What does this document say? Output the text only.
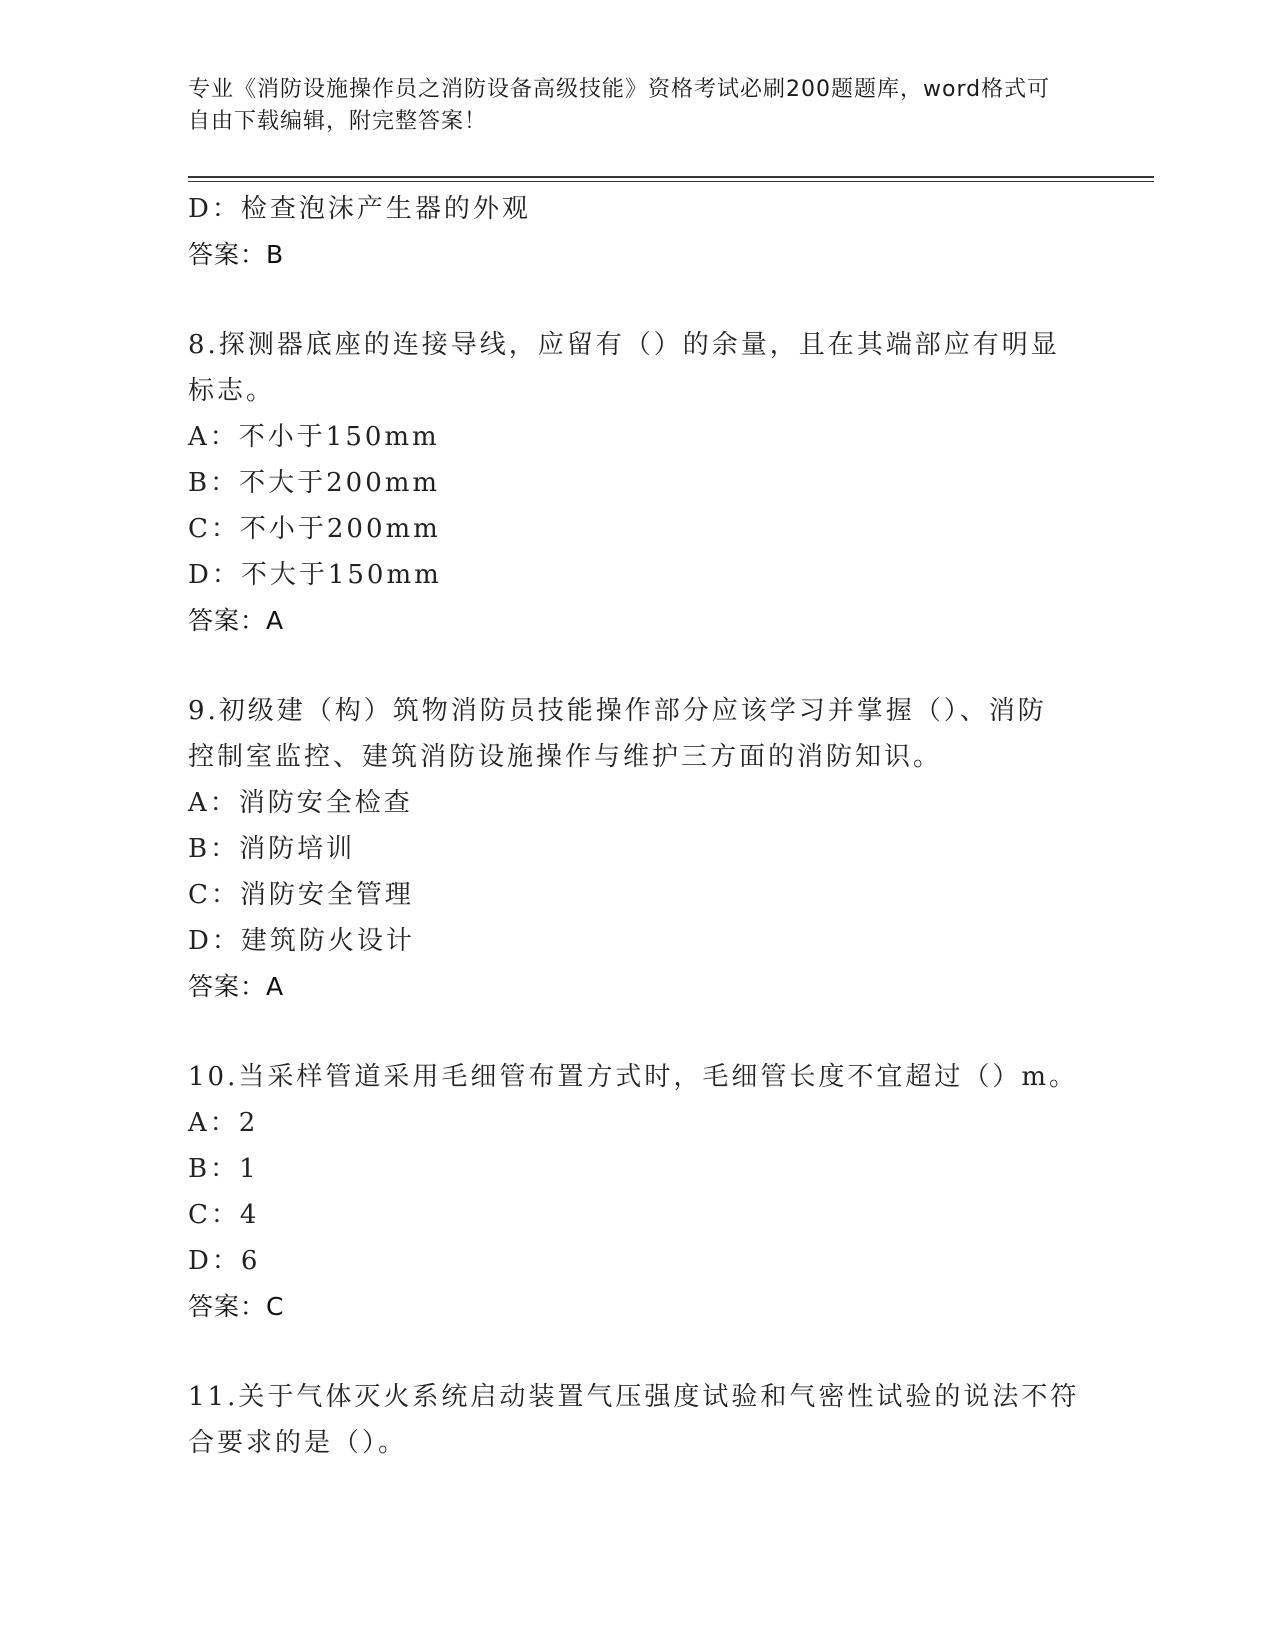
专业《消防设施操作员之消防设备高级技能》资格考试必刷200题题库，word格式可自由下载编辑，附完整答案！
D：检查泡沫产生器的外观
答案：B
8.探测器底座的连接导线，应留有（）的余量，且在其端部应有明显
标志。
A：不小于150mm
B：不大于200mm
C：不小于200mm
D：不大于150mm
答案：A
9.初级建（构）筑物消防员技能操作部分应该学习并掌握（）、消防
控制室监控、建筑消防设施操作与维护三方面的消防知识。
A：消防安全检查
B：消防培训
C：消防安全管理
D：建筑防火设计
答案：A
10.当采样管道采用毛细管布置方式时，毛细管长度不宜超过（）m。
A：2
B：1
C：4
D：6
答案：C
11.关于气体灭火系统启动装置气压强度试验和气密性试验的说法不符
合要求的是（）。
